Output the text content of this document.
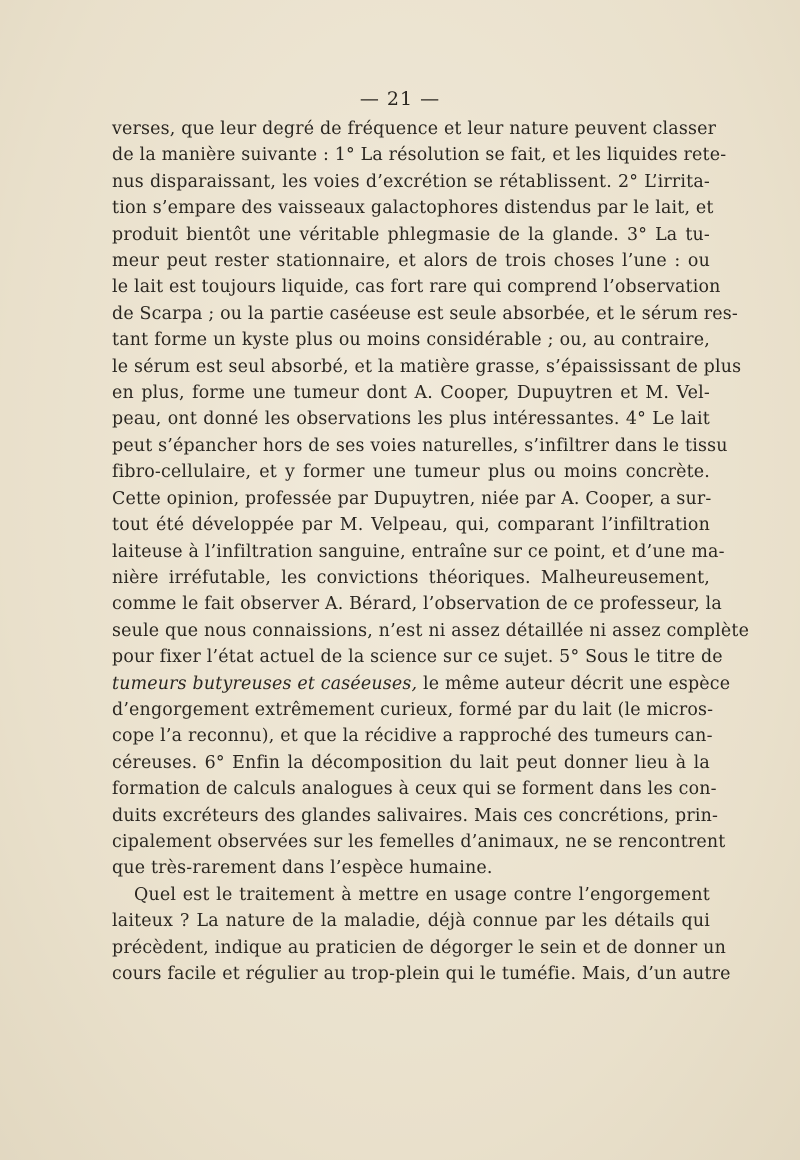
— 21 —
verses, que leur degré de fréquence et leur nature peuvent classer
de la manière suivante : 1° La résolution se fait, et les liquides rete-
nus disparaissant, les voies d’excrétion se rétablissent. 2° L’irrita-
tion s’empare des vaisseaux galactophores distendus par le lait, et
produit bientôt une véritable phlegmasie de la glande. 3° La tu-
meur peut rester stationnaire, et alors de trois choses l’une : ou
le lait est toujours liquide, cas fort rare qui comprend l’observation
de Scarpa ; ou la partie caséeuse est seule absorbée, et le sérum res-
tant forme un kyste plus ou moins considérable ; ou, au contraire,
le sérum est seul absorbé, et la matière grasse, s’épaississant de plus
en plus, forme une tumeur dont A. Cooper, Dupuytren et M. Vel-
peau, ont donné les observations les plus intéressantes. 4° Le lait
peut s’épancher hors de ses voies naturelles, s’infiltrer dans le tissu
fibro-cellulaire, et y former une tumeur plus ou moins concrète.
Cette opinion, professée par Dupuytren, niée par A. Cooper, a sur-
tout été développée par M. Velpeau, qui, comparant l’infiltration
laiteuse à l’infiltration sanguine, entraîne sur ce point, et d’une ma-
nière irréfutable, les convictions théoriques. Malheureusement,
comme le fait observer A. Bérard, l’observation de ce professeur, la
seule que nous connaissions, n’est ni assez détaillée ni assez complète
pour fixer l’état actuel de la science sur ce sujet. 5° Sous le titre de
tumeurs butyreuses et caséeuses, le même auteur décrit une espèce
d’engorgement extrêmement curieux, formé par du lait (le micros-
cope l’a reconnu), et que la récidive a rapproché des tumeurs can-
céreuses. 6° Enfin la décomposition du lait peut donner lieu à la
formation de calculs analogues à ceux qui se forment dans les con-
duits excréteurs des glandes salivaires. Mais ces concrétions, prin-
cipalement observées sur les femelles d’animaux, ne se rencontrent
que très-rarement dans l’espèce humaine.
Quel est le traitement à mettre en usage contre l’engorgement
laiteux ? La nature de la maladie, déjà connue par les détails qui
précèdent, indique au praticien de dégorger le sein et de donner un
cours facile et régulier au trop-plein qui le tuméfie. Mais, d’un autre
